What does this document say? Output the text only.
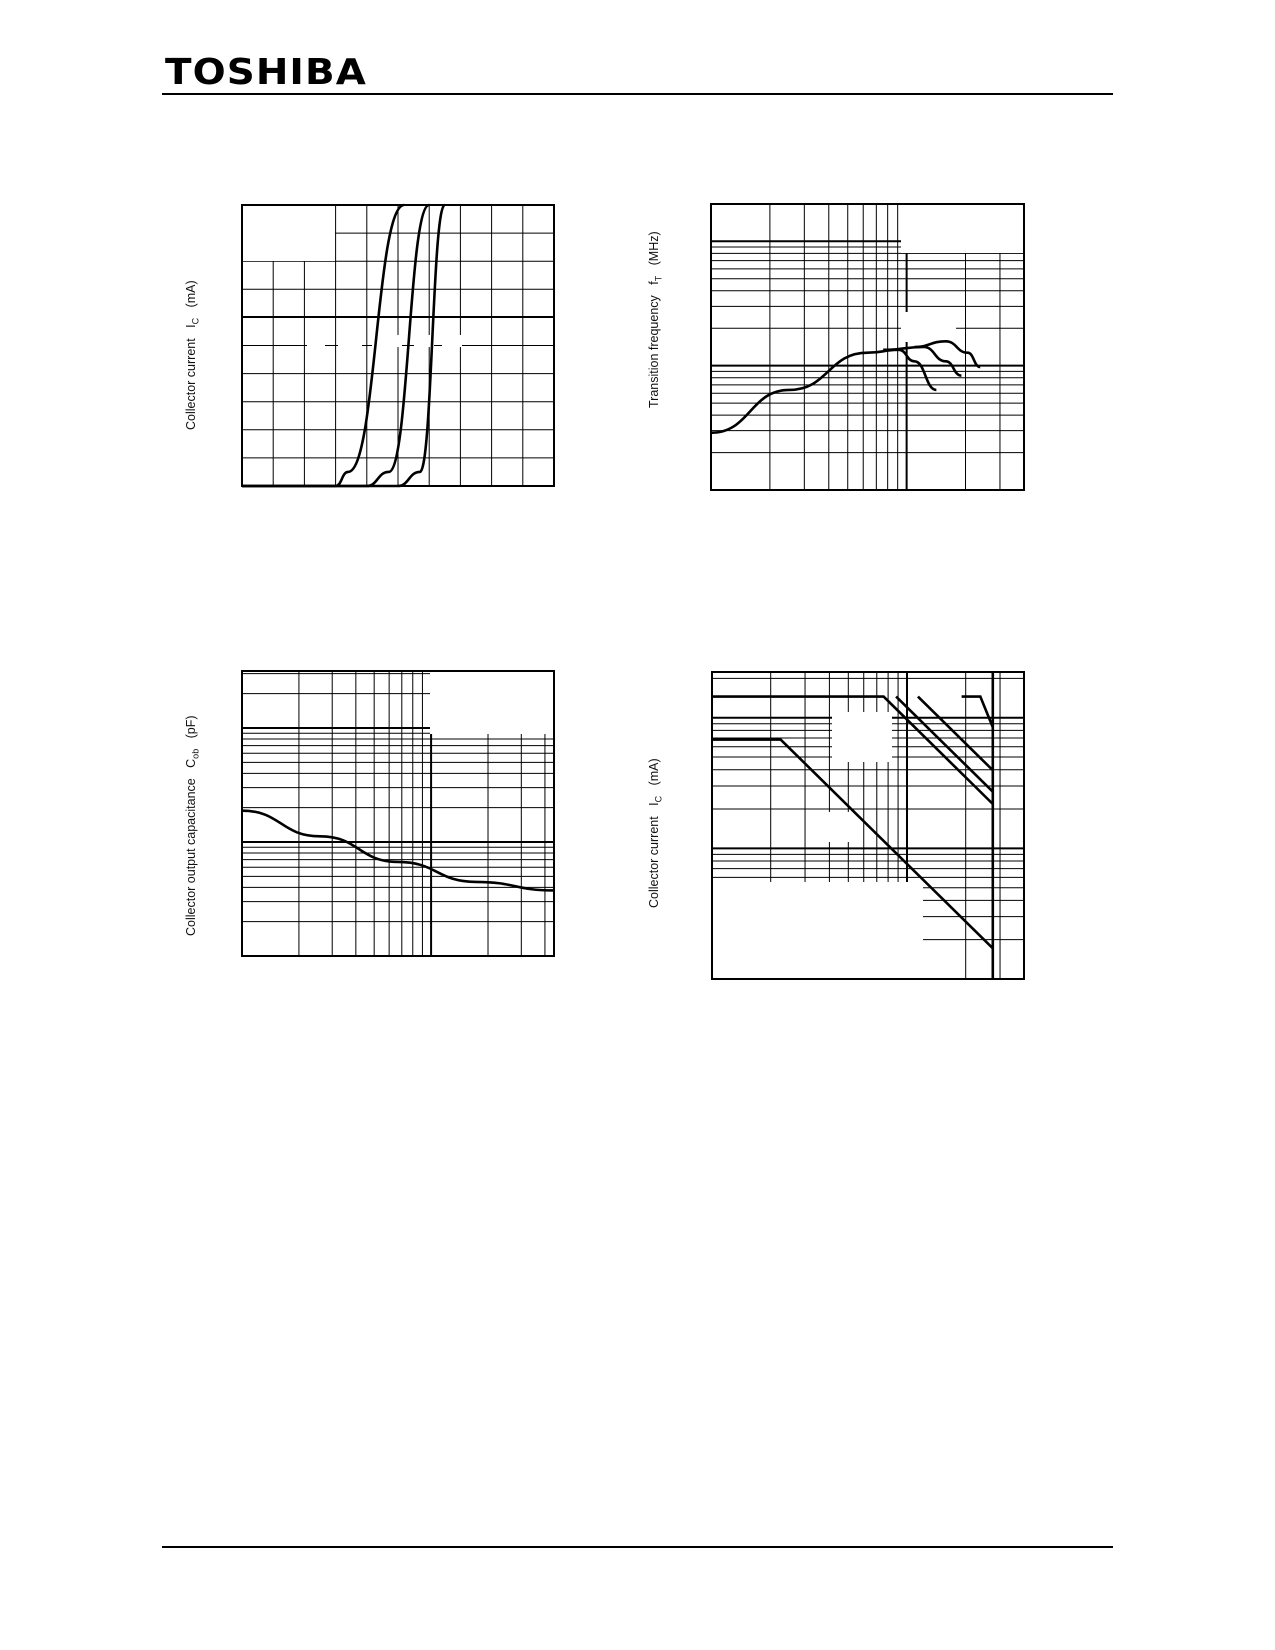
TOSHIBA
Collector current   $I_C$   (mA)
Transition frequency   $f_T$   (MHz)
Collector output capacitance   $C_{ob}$   (pF)
Collector current   $I_C$   (mA)
